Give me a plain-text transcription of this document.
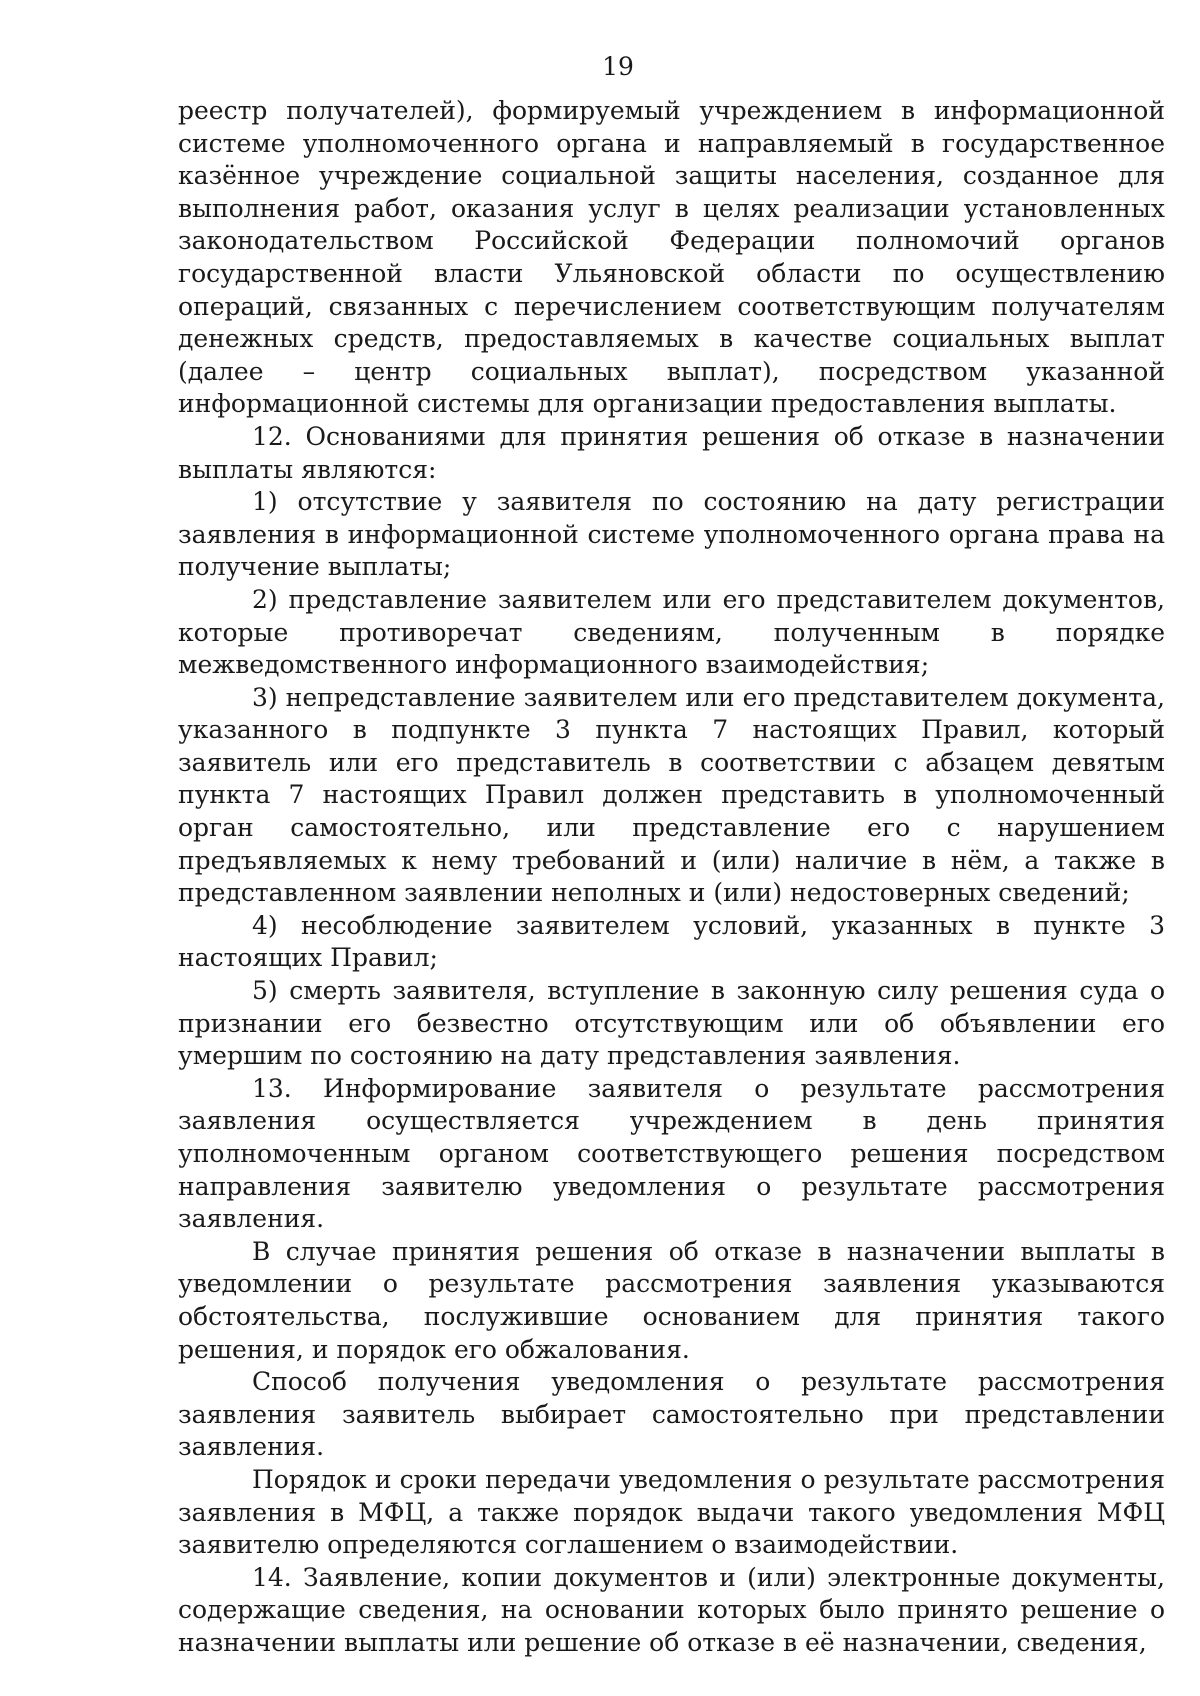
19

реестр получателей), формируемый учреждением в информационной системе уполномоченного органа и направляемый в государственное казённое учреждение социальной защиты населения, созданное для выполнения работ, оказания услуг в целях реализации установленных законодательством Российской Федерации полномочий органов государственной власти Ульяновской области по осуществлению операций, связанных с перечислением соответствующим получателям денежных средств, предоставляемых в качестве социальных выплат (далее – центр социальных выплат), посредством указанной информационной системы для организации предоставления выплаты.

12. Основаниями для принятия решения об отказе в назначении выплаты являются:

1) отсутствие у заявителя по состоянию на дату регистрации заявления в информационной системе уполномоченного органа права на получение выплаты;

2) представление заявителем или его представителем документов, которые противоречат сведениям, полученным в порядке межведомственного информационного взаимодействия;

3) непредставление заявителем или его представителем документа, указанного в подпункте 3 пункта 7 настоящих Правил, который заявитель или его представитель в соответствии с абзацем девятым пункта 7 настоящих Правил должен представить в уполномоченный орган самостоятельно, или представление его с нарушением предъявляемых к нему требований и (или) наличие в нём, а также в представленном заявлении неполных и (или) недостоверных сведений;

4) несоблюдение заявителем условий, указанных в пункте 3 настоящих Правил;

5) смерть заявителя, вступление в законную силу решения суда о признании его безвестно отсутствующим или об объявлении его умершим по состоянию на дату представления заявления.

13. Информирование заявителя о результате рассмотрения заявления осуществляется учреждением в день принятия уполномоченным органом соответствующего решения посредством направления заявителю уведомления о результате рассмотрения заявления.

В случае принятия решения об отказе в назначении выплаты в уведомлении о результате рассмотрения заявления указываются обстоятельства, послужившие основанием для принятия такого решения, и порядок его обжалования.

Способ получения уведомления о результате рассмотрения заявления заявитель выбирает самостоятельно при представлении заявления.

Порядок и сроки передачи уведомления о результате рассмотрения заявления в МФЦ, а также порядок выдачи такого уведомления МФЦ заявителю определяются соглашением о взаимодействии.

14. Заявление, копии документов и (или) электронные документы, содержащие сведения, на основании которых было принято решение о назначении выплаты или решение об отказе в её назначении, сведения,
